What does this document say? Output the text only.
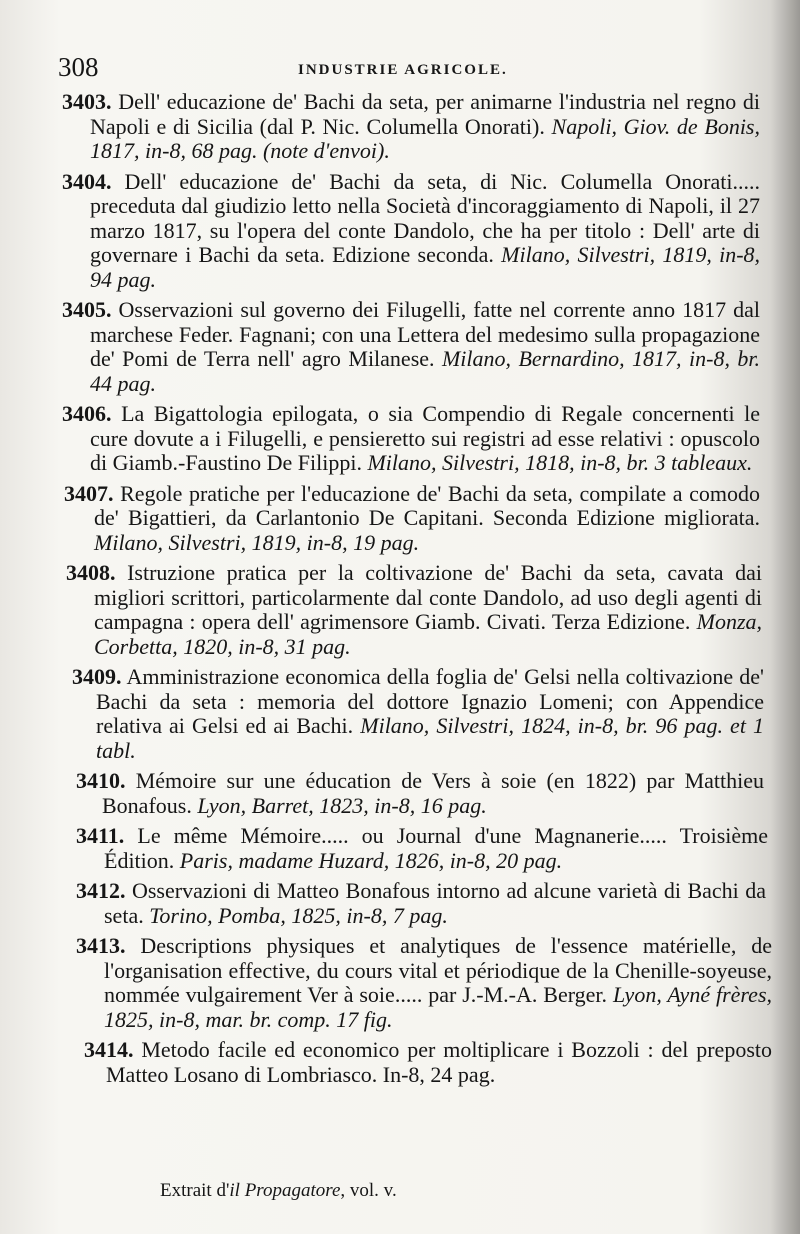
308	INDUSTRIE AGRICOLE.
3403. Dell' educazione de' Bachi da seta, per animarne l'industria nel regno di Napoli e di Sicilia (dal P. Nic. Columella Onorati). Napoli, Giov. de Bonis, 1817, in-8, 68 pag. (note d'envoi).
3404. Dell' educazione de' Bachi da seta, di Nic. Columella Onorati..... preceduta dal giudizio letto nella Società d'incoraggiamento di Napoli, il 27 marzo 1817, su l'opera del conte Dandolo, che ha per titolo : Dell' arte di governare i Bachi da seta. Edizione seconda. Milano, Silvestri, 1819, in-8, 94 pag.
3405. Osservazioni sul governo dei Filugelli, fatte nel corrente anno 1817 dal marchese Feder. Fagnani; con una Lettera del medesimo sulla propagazione de' Pomi de Terra nell' agro Milanese. Milano, Bernardino, 1817, in-8, br. 44 pag.
3406. La Bigattologia epilogata, o sia Compendio di Regale concernenti le cure dovute a i Filugelli, e pensieretto sui registri ad esse relativi : opuscolo di Giamb.-Faustino De Filippi. Milano, Silvestri, 1818, in-8, br. 3 tableaux.
3407. Regole pratiche per l'educazione de' Bachi da seta, compilate a comodo de' Bigattieri, da Carlantonio De Capitani. Seconda Edizione migliorata. Milano, Silvestri, 1819, in-8, 19 pag.
3408. Istruzione pratica per la coltivazione de' Bachi da seta, cavata dai migliori scrittori, particolarmente dal conte Dandolo, ad uso degli agenti di campagna : opera dell' agrimensore Giamb. Civati. Terza Edizione. Monza, Corbetta, 1820, in-8, 31 pag.
3409. Amministrazione economica della foglia de' Gelsi nella coltivazione de' Bachi da seta : memoria del dottore Ignazio Lomeni; con Appendice relativa ai Gelsi ed ai Bachi. Milano, Silvestri, 1824, in-8, br. 96 pag. et 1 tabl.
3410. Mémoire sur une éducation de Vers à soie (en 1822) par Matthieu Bonafous. Lyon, Barret, 1823, in-8, 16 pag.
3411. Le même Mémoire..... ou Journal d'une Magnanerie..... Troisième Édition. Paris, madame Huzard, 1826, in-8, 20 pag.
3412. Osservazioni di Matteo Bonafous intorno ad alcune varietà di Bachi da seta. Torino, Pomba, 1825, in-8, 7 pag.
3413. Descriptions physiques et analytiques de l'essence matérielle, de l'organisation effective, du cours vital et périodique de la Chenille-soyeuse, nommée vulgairement Ver à soie..... par J.-M.-A. Berger. Lyon, Ayné frères, 1825, in-8, mar. br. comp. 17 fig.
3414. Metodo facile ed economico per moltiplicare i Bozzoli : del preposto Matteo Losano di Lombriasco. In-8, 24 pag.
Extrait d'il Propagatore, vol. v.
